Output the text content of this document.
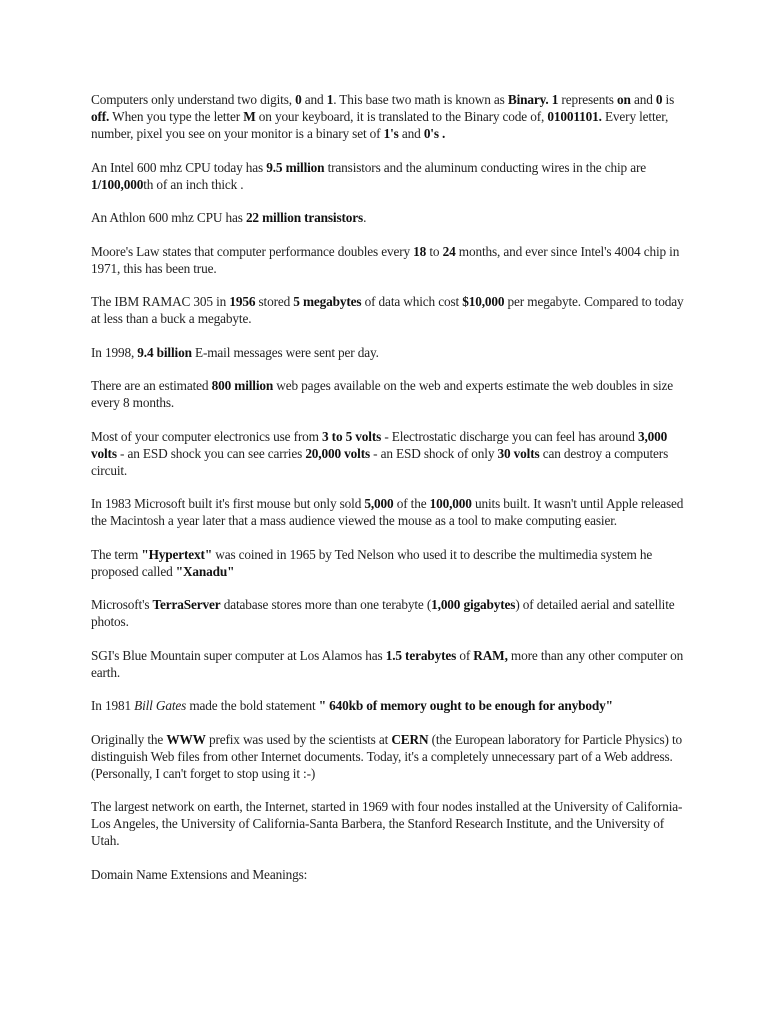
Computers only understand two digits, 0 and 1. This base two math is known as Binary. 1 represents on and 0 is off. When you type the letter M on your keyboard, it is translated to the Binary code of, 01001101. Every letter, number, pixel you see on your monitor is a binary set of 1's and 0's .

An Intel 600 mhz CPU today has 9.5 million transistors and the aluminum conducting wires in the chip are 1/100,000th of an inch thick .

An Athlon 600 mhz CPU has 22 million transistors.

Moore's Law states that computer performance doubles every 18 to 24 months, and ever since Intel's 4004 chip in 1971, this has been true.

The IBM RAMAC 305 in 1956 stored 5 megabytes of data which cost $10,000 per megabyte. Compared to today at less than a buck a megabyte.

In 1998, 9.4 billion E-mail messages were sent per day.

There are an estimated 800 million web pages available on the web and experts estimate the web doubles in size every 8 months.

Most of your computer electronics use from 3 to 5 volts - Electrostatic discharge you can feel has around 3,000 volts - an ESD shock you can see carries 20,000 volts - an ESD shock of only 30 volts can destroy a computers circuit.

In 1983 Microsoft built it's first mouse but only sold 5,000 of the 100,000 units built. It wasn't until Apple released the Macintosh a year later that a mass audience viewed the mouse as a tool to make computing easier.

The term "Hypertext" was coined in 1965 by Ted Nelson who used it to describe the multimedia system he proposed called "Xanadu"

Microsoft's TerraServer database stores more than one terabyte (1,000 gigabytes) of detailed aerial and satellite photos.

SGI's Blue Mountain super computer at Los Alamos has 1.5 terabytes of RAM, more than any other computer on earth.

In 1981 Bill Gates made the bold statement " 640kb of memory ought to be enough for anybody"

Originally the WWW prefix was used by the scientists at CERN (the European laboratory for Particle Physics) to distinguish Web files from other Internet documents. Today, it's a completely unnecessary part of a Web address. (Personally, I can't forget to stop using it :-)

The largest network on earth, the Internet, started in 1969 with four nodes installed at the University of California-Los Angeles, the University of California-Santa Barbera, the Stanford Research Institute, and the University of Utah.

Domain Name Extensions and Meanings:
